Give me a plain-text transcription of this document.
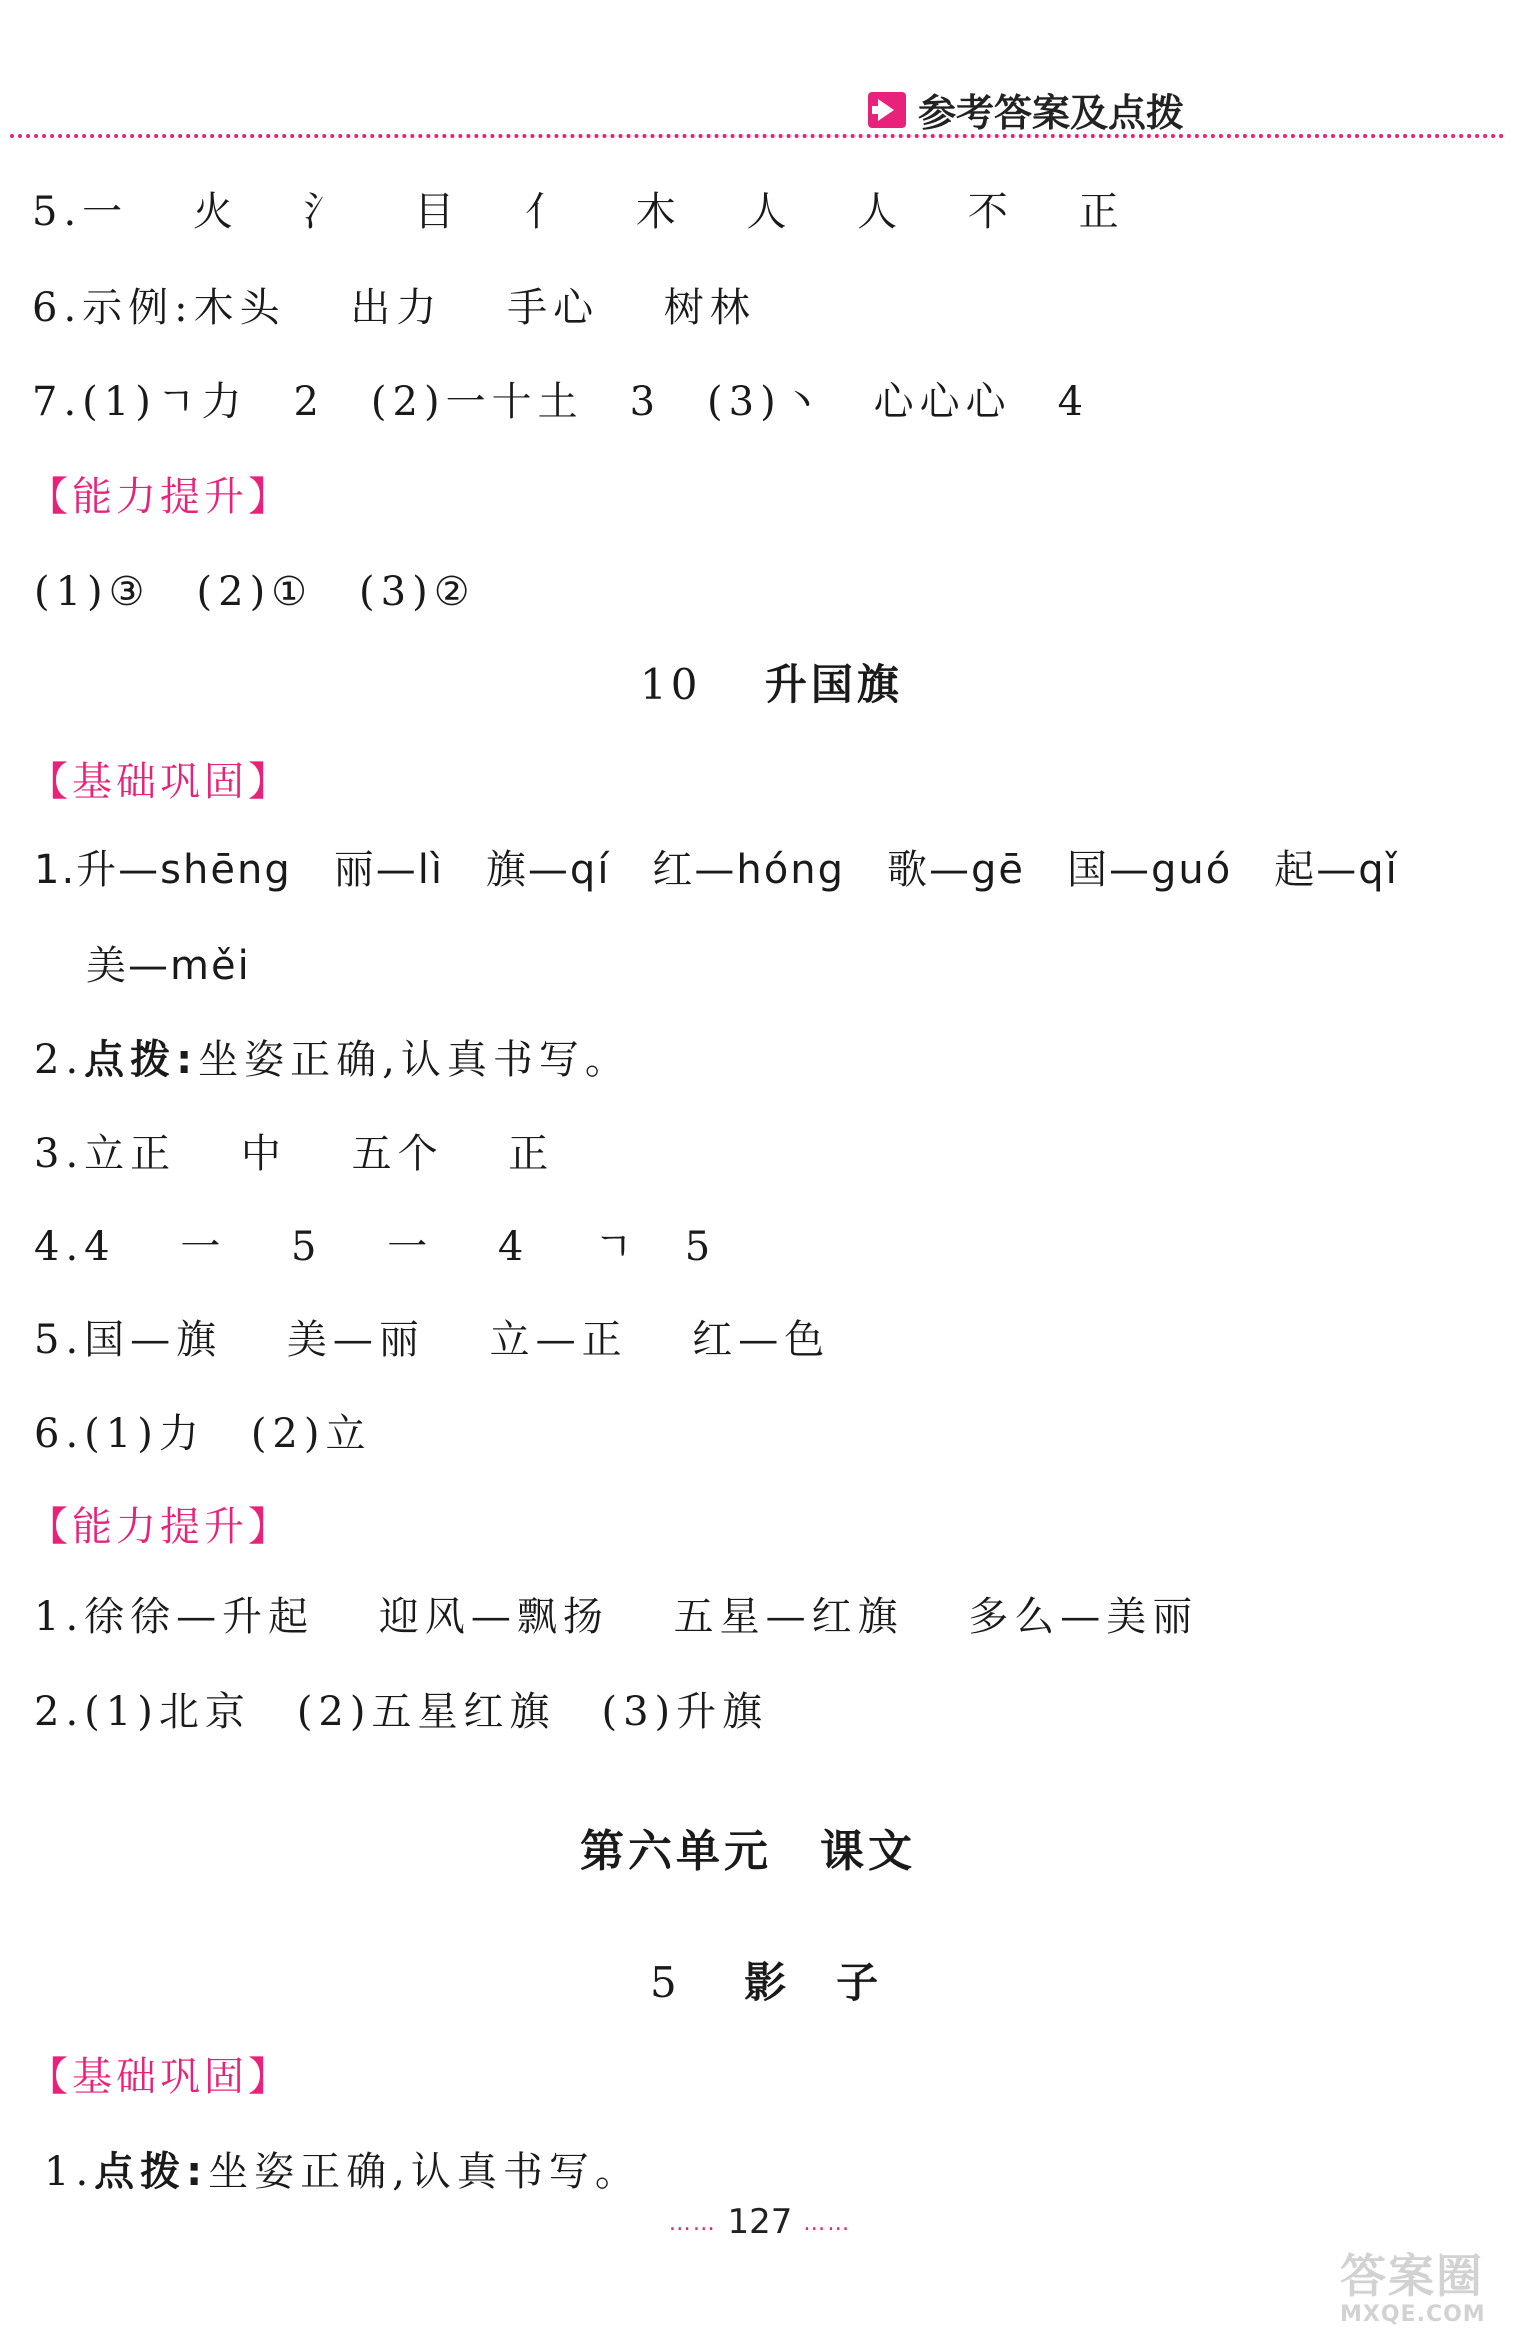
参考答案及点拨
5.一　 火　 氵　 目　 亻　 木　 人　 人　 不　 正
6.示例:木头　 出力　 手心　 树林
7.(1)ㄱ力　2　(2)一十土　3　(3)丶　心心心　4
【能力提升】
(1)③　(2)①　(3)②
10　 升国旗
【基础巩固】
1.升—shēng　丽—lì　旗—qí　红—hóng　歌—gē　国—guó　起—qǐ
美—měi
2.点拨:坐姿正确,认真书写。
3.立正　 中　 五个　 正
4.4　 一　 5　 一　 4　 ㄱ　5
5.国—旗　 美—丽　 立—正　 红—色
6.(1)力　(2)立
【能力提升】
1.徐徐—升起　 迎风—飘扬　 五星—红旗　 多么—美丽
2.(1)北京　(2)五星红旗　(3)升旗
第六单元　课文
5　 影　子
【基础巩固】
1.点拨:坐姿正确,认真书写。
…… 127 ……
答案圈
MXQE.COM
